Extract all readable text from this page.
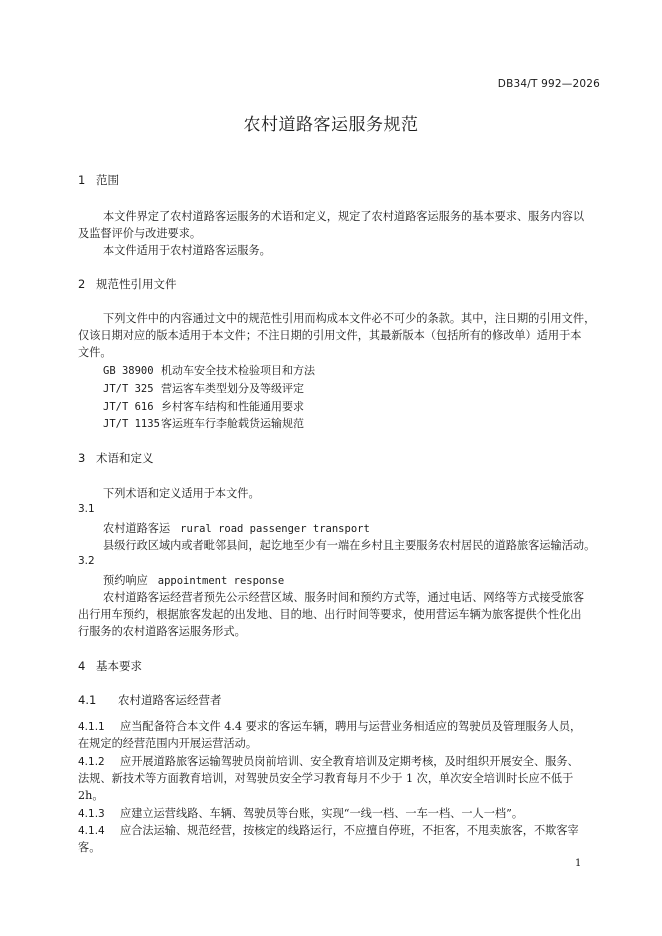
DB34/T 992—2026

农村道路客运服务规范
1 范围

本文件界定了农村道路客运服务的术语和定义，规定了农村道路客运服务的基本要求、服务内容以

及监督评价与改进要求。

本文件适用于农村道路客运服务。

2 规范性引用文件

下列文件中的内容通过文中的规范性引用而构成本文件必不可少的条款。其中，注日期的引用文件，

仅该日期对应的版本适用于本文件；不注日期的引用文件，其最新版本（包括所有的修改单）适用于本

文件。

GB 38900 机动车安全技术检验项目和方法
JT/T 325 营运客车类型划分及等级评定
JT/T 616 乡村客车结构和性能通用要求
JT/T 1135客运班车行李舱载货运输规范
3 术语和定义

下列术语和定义适用于本文件。

3.1

农村道路客运 rural road passenger transport

县级行政区域内或者毗邻县间，起讫地至少有一端在乡村且主要服务农村居民的道路旅客运输活动。

3.2

预约响应 appointment response

农村道路客运经营者预先公示经营区域、服务时间和预约方式等，通过电话、网络等方式接受旅客

出行用车预约，根据旅客发起的出发地、目的地、出行时间等要求，使用营运车辆为旅客提供个性化出

行服务的农村道路客运服务形式。

4 基本要求
4.1 农村道路客运经营者
4.1.1 应当配备符合本文件 4.4 要求的客运车辆，聘用与运营业务相适应的驾驶员及管理服务人员，

在规定的经营范围内开展运营活动。

4.1.2 应开展道路旅客运输驾驶员岗前培训、安全教育培训及定期考核，及时组织开展安全、服务、

法规、新技术等方面教育培训，对驾驶员安全学习教育每月不少于 1 次，单次安全培训时长应不低于

2h。

4.1.3 应建立运营线路、车辆、驾驶员等台账，实现“一线一档、一车一档、一人一档”。
4.1.4 应合法运输、规范经营，按核定的线路运行，不应擅自停班，不拒客，不甩卖旅客，不欺客宰

客。

1
